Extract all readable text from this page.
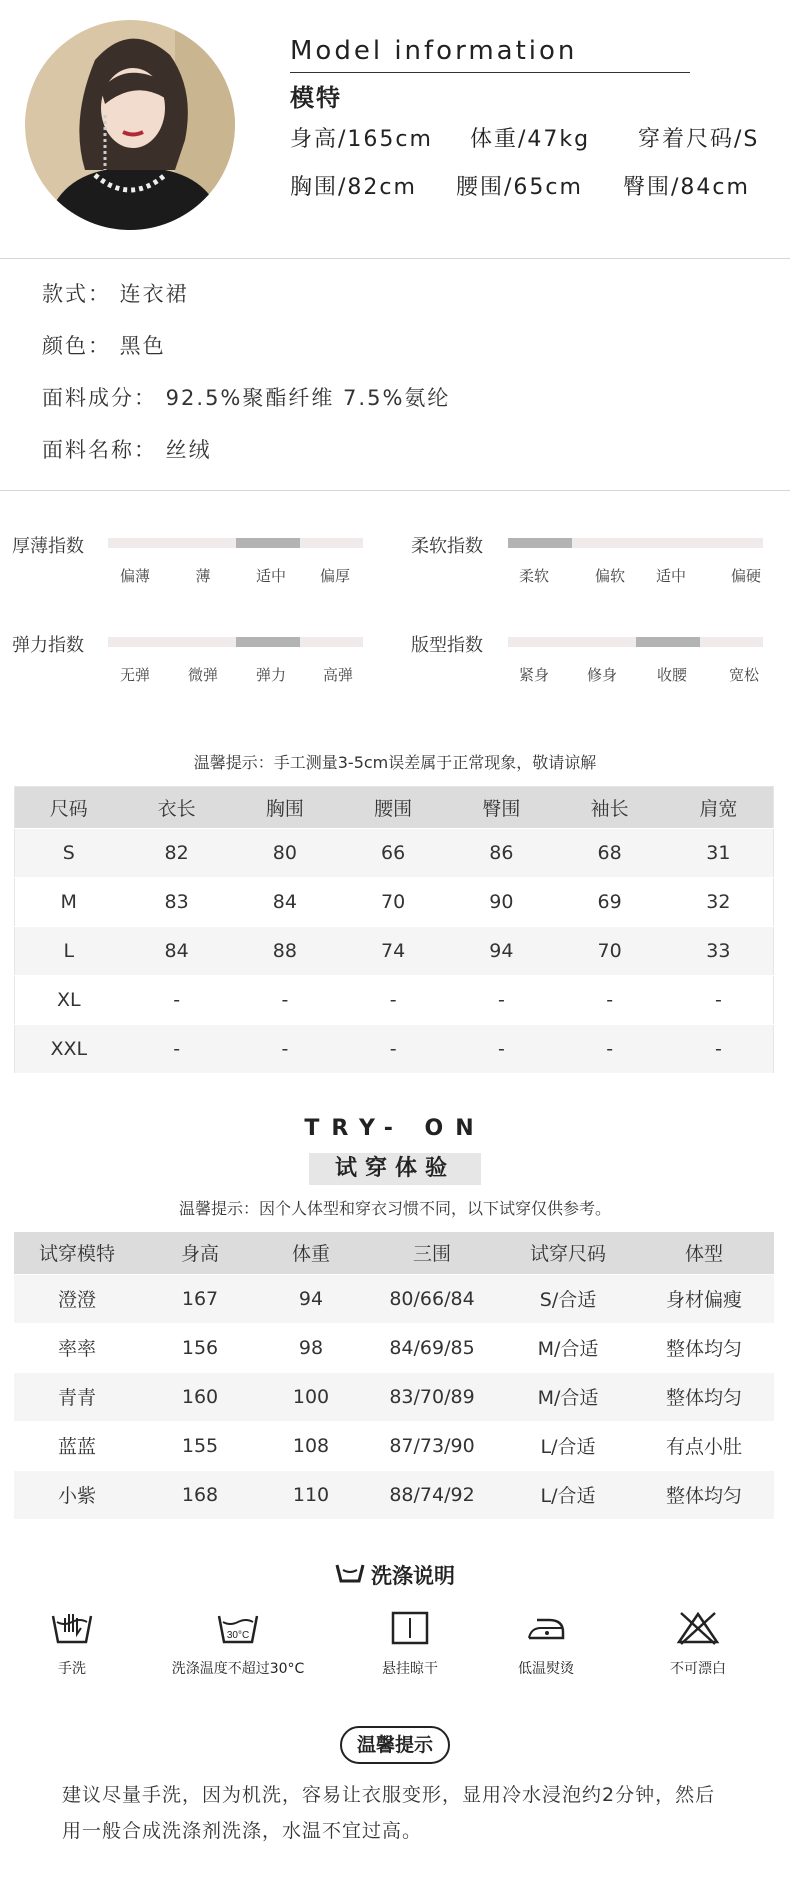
Model information
模特
身高/165cm 体重/47kg 穿着尺码/S
胸围/82cm 腰围/65cm 臀围/84cm
款式： 连衣裙
颜色： 黑色
面料成分： 92.5%聚酯纤维 7.5%氨纶
面料名称： 丝绒
厚薄指数
偏薄	薄	适中	偏厚
柔软指数
柔软	偏软	适中	偏硬
弹力指数
无弹	微弹	弹力	高弹
版型指数
紧身	修身	收腰	宽松
温馨提示：手工测量3-5cm误差属于正常现象，敬请谅解
尺码	衣长	胸围	腰围	臀围	袖长	肩宽
S	82	80	66	86	68	31
M	83	84	70	90	69	32
L	84	88	74	94	70	33
XL	-	-	-	-	-	-
XXL	-	-	-	-	-	-
TRY- ON
试穿体验
温馨提示：因个人体型和穿衣习惯不同，以下试穿仅供参考。
试穿模特	身高	体重	三围	试穿尺码	体型
澄澄	167	94	80/66/84	S/合适	身材偏瘦
率率	156	98	84/69/85	M/合适	整体均匀
青青	160	100	83/70/89	M/合适	整体均匀
蓝蓝	155	108	87/73/90	L/合适	有点小肚
小紫	168	110	88/74/92	L/合适	整体均匀
洗涤说明
手洗
30°C
洗涤温度不超过30°C	悬挂晾干	低温熨烫	不可漂白
温馨提示
建议尽量手洗，因为机洗，容易让衣服变形，显用冷水浸泡约2分钟，然后
用一般合成洗涤剂洗涤，水温不宜过高。
